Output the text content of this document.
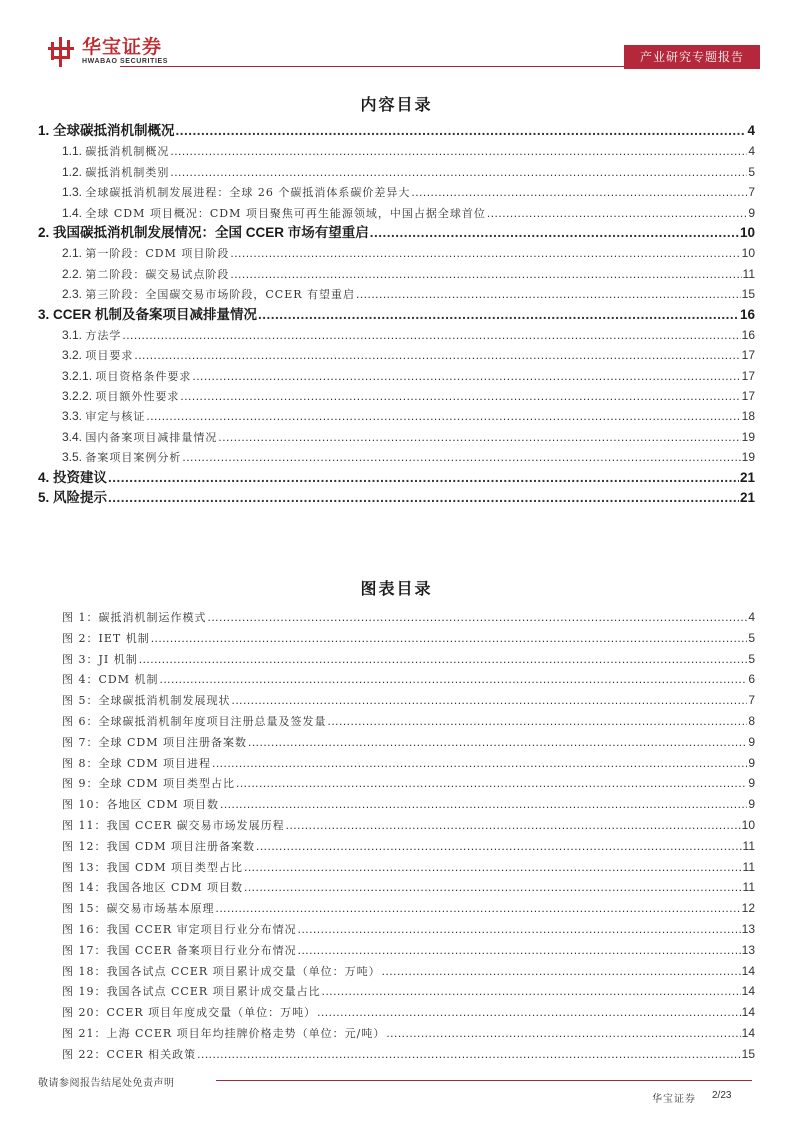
华宝证券
HWABAO SECURITIES	产业研究专题报告
内容目录
1. 全球碳抵消机制概况 .....	4
1.1. 碳抵消机制概况 .....	4
1.2. 碳抵消机制类别 .....	5
1.3. 全球碳抵消机制发展进程：全球 26 个碳抵消体系碳价差异大 .....	7
1.4. 全球 CDM 项目概况：CDM 项目聚焦可再生能源领域，中国占据全球首位 .....	9
2. 我国碳抵消机制发展情况：全国 CCER 市场有望重启 .....	10
2.1. 第一阶段：CDM 项目阶段 .....	10
2.2. 第二阶段：碳交易试点阶段 .....	11
2.3. 第三阶段：全国碳交易市场阶段，CCER 有望重启 .....	15
3. CCER 机制及备案项目减排量情况 .....	16
3.1. 方法学 .....	16
3.2. 项目要求 .....	17
3.2.1. 项目资格条件要求 .....	17
3.2.2. 项目额外性要求 .....	17
3.3. 审定与核证 .....	18
3.4. 国内备案项目减排量情况 .....	19
3.5. 备案项目案例分析 .....	19
4. 投资建议 .....	21
5. 风险提示 .....	21
图表目录
图 1：碳抵消机制运作模式 .....	4
图 2：IET 机制 .....	5
图 3：JI 机制 .....	5
图 4：CDM 机制 .....	6
图 5：全球碳抵消机制发展现状 .....	7
图 6：全球碳抵消机制年度项目注册总量及签发量 .....	8
图 7：全球 CDM 项目注册备案数 .....	9
图 8：全球 CDM 项目进程 .....	9
图 9：全球 CDM 项目类型占比 .....	9
图 10：各地区 CDM 项目数 .....	9
图 11：我国 CCER 碳交易市场发展历程 .....	10
图 12：我国 CDM 项目注册备案数 .....	11
图 13：我国 CDM 项目类型占比 .....	11
图 14：我国各地区 CDM 项目数 .....	11
图 15：碳交易市场基本原理 .....	12
图 16：我国 CCER 审定项目行业分布情况 .....	13
图 17：我国 CCER 备案项目行业分布情况 .....	13
图 18：我国各试点 CCER 项目累计成交量（单位：万吨） .....	14
图 19：我国各试点 CCER 项目累计成交量占比 .....	14
图 20：CCER 项目年度成交量（单位：万吨） .....	14
图 21：上海 CCER 项目年均挂牌价格走势（单位：元/吨） .....	14
图 22：CCER 相关政策 .....	15
敬请参阅报告结尾处免责声明
华宝证券 2/23
